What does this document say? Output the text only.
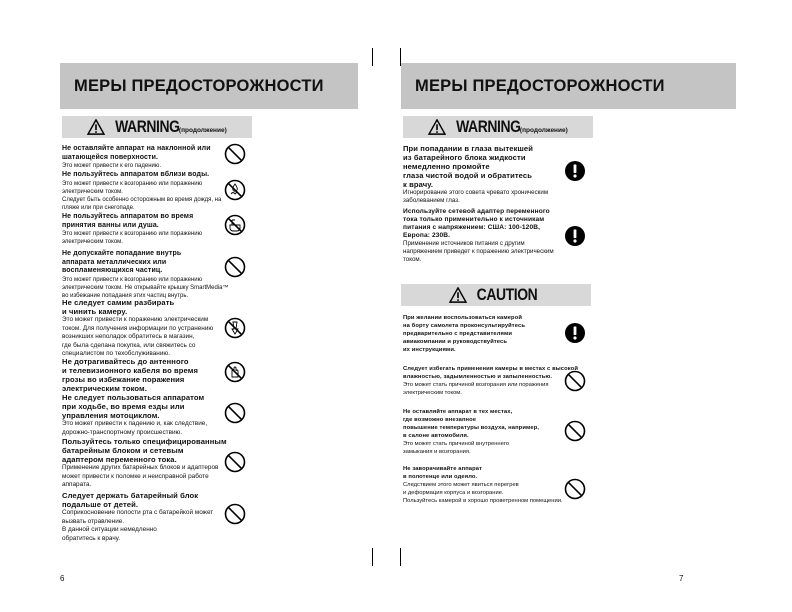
МЕРЫ ПРЕДОСТОРОЖНОСТИ
WARNING (продолжение)
Не оставляйте аппарат на наклонной или
шатающейся поверхности.
Это может привести к его падению.
Не пользуйтесь аппаратом вблизи воды.
Это может привести к возгоранию или поражению
электрическим током.
Следует быть особенно осторожным во время дождя, на
пляже или при снегопаде.
Не пользуйтесь аппаратом во время
принятия ванны или душа.
Это может привести к возгоранию или поражению
электрическим током.
Не допускайте попадание внутрь
аппарата металлических или
воспламеняющихся частиц.
Это может привести к возгоранию или поражению
электрическим током. Не открывайте крышку SmartMedia™
во избежание попадания этих частиц внутрь.
Не следует самим разбирать
и чинить камеру.
Это может привести к поражению электрическим
током. Для получения информации по устранению
возникших неполадок обратитесь в магазин,
где была сделана покупка, или свяжитесь со
специалистом по техобслуживанию.
Не дотрагивайтесь до антенного
и телевизионного кабеля во время
грозы во избежание поражения
электрическим током.
Не следует пользоваться аппаратом
при ходьбе, во время езды или
управления мотоциклом.
Это может привести к падению и, как следствие,
дорожно-транспортному происшествию.
Пользуйтесь только специфицированным
батарейным блоком и сетевым
адаптером переменного тока.
Применение других батарейных блоков и адаптеров
может привести к поломке и неисправной работе
аппарата.
Следует держать батарейный блок
подальше от детей.
Соприкосновение полости рта с батарейкой может
вызвать отравление.
В данной ситуации немедленно
обратитесь к врачу.
6
МЕРЫ ПРЕДОСТОРОЖНОСТИ
WARNING (продолжение)
При попадании в глаза вытекшей
из батарейного блока жидкости
немедленно промойте
глаза чистой водой и обратитесь
к врачу.
Игнорирование этого совета чревато хроническим
заболеванием глаз.
Используйте сетевой адаптер переменного
тока только применительно к источникам
питания с напряжением: США: 100-120В,
Европа: 230В.
Применение источников питания с другим
напряжением приведет к поражению электрическим
током.
CAUTION
При желании воспользоваться камерой
на борту самолета проконсультируйтесь
предварительно с представителями
авиакомпании и руководствуйтесь
их инструкциями.
Следует избегать применения камеры в местах с высокой
влажностью, задымленностью и запыленностью.
Это может стать причиной возгорания или поражения
электрическим током.
Не оставляйте аппарат в тех местах,
где возможно внезапное
повышение температуры воздуха, например,
в салоне автомобиля.
Это может стать причиной внутреннего
замыкания и возгорания.
Не заворачивайте аппарат
в полотенце или одеяло.
Следствием этого может явиться перегрев
и деформация корпуса и возгорание.
Пользуйтесь камерой в хорошо проветренном помещении.
7
